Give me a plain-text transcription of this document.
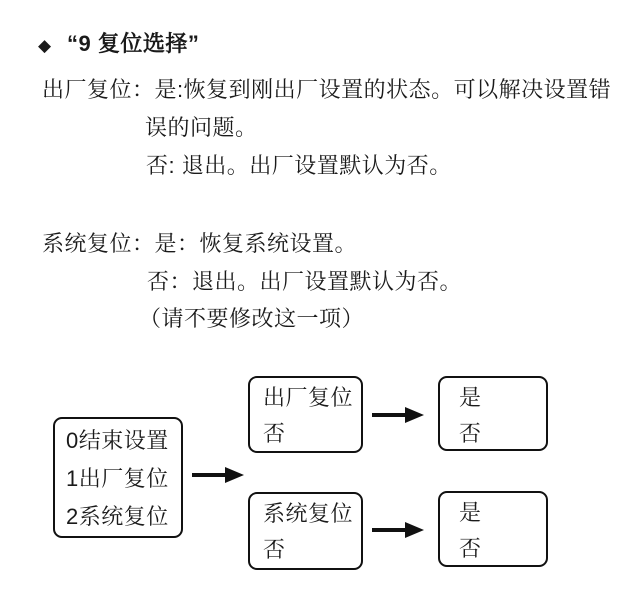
◆ “9 复位选择”
出厂复位：是:恢复到刚出厂设置的状态。可以解决设置错
误的问题。
否: 退出。出厂设置默认为否。
系统复位：是：恢复系统设置。
否：退出。出厂设置默认为否。
（请不要修改这一项）
0结束设置
1出厂复位
2系统复位
出厂复位
否
是
否
系统复位
否
是
否
